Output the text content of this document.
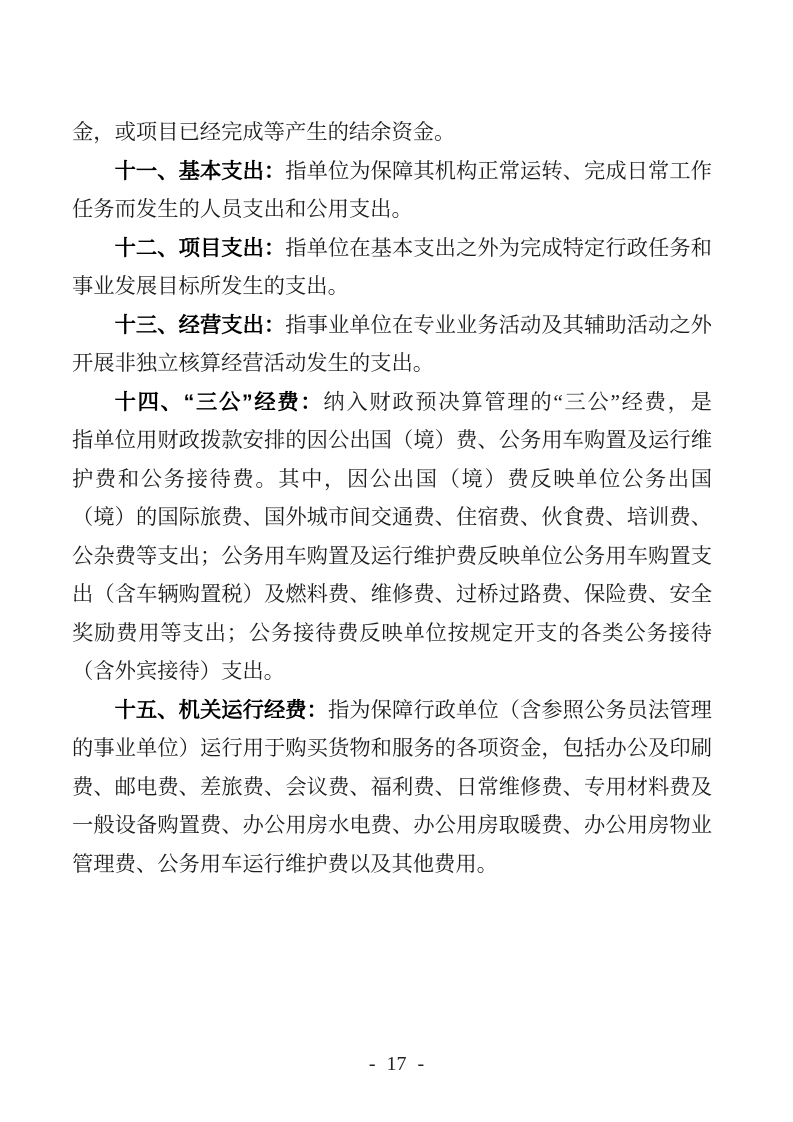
金，或项目已经完成等产生的结余资金。
十一、基本支出：指单位为保障其机构正常运转、完成日常工作
任务而发生的人员支出和公用支出。
十二、项目支出：指单位在基本支出之外为完成特定行政任务和
事业发展目标所发生的支出。
十三、经营支出：指事业单位在专业业务活动及其辅助活动之外
开展非独立核算经营活动发生的支出。
十四、“三公”经费：纳入财政预决算管理的“三公”经费，是
指单位用财政拨款安排的因公出国（境）费、公务用车购置及运行维
护费和公务接待费。其中，因公出国（境）费反映单位公务出国
（境）的国际旅费、国外城市间交通费、住宿费、伙食费、培训费、
公杂费等支出；公务用车购置及运行维护费反映单位公务用车购置支
出（含车辆购置税）及燃料费、维修费、过桥过路费、保险费、安全
奖励费用等支出；公务接待费反映单位按规定开支的各类公务接待
（含外宾接待）支出。
十五、机关运行经费：指为保障行政单位（含参照公务员法管理
的事业单位）运行用于购买货物和服务的各项资金，包括办公及印刷
费、邮电费、差旅费、会议费、福利费、日常维修费、专用材料费及
一般设备购置费、办公用房水电费、办公用房取暖费、办公用房物业
管理费、公务用车运行维护费以及其他费用。
- 17 -
